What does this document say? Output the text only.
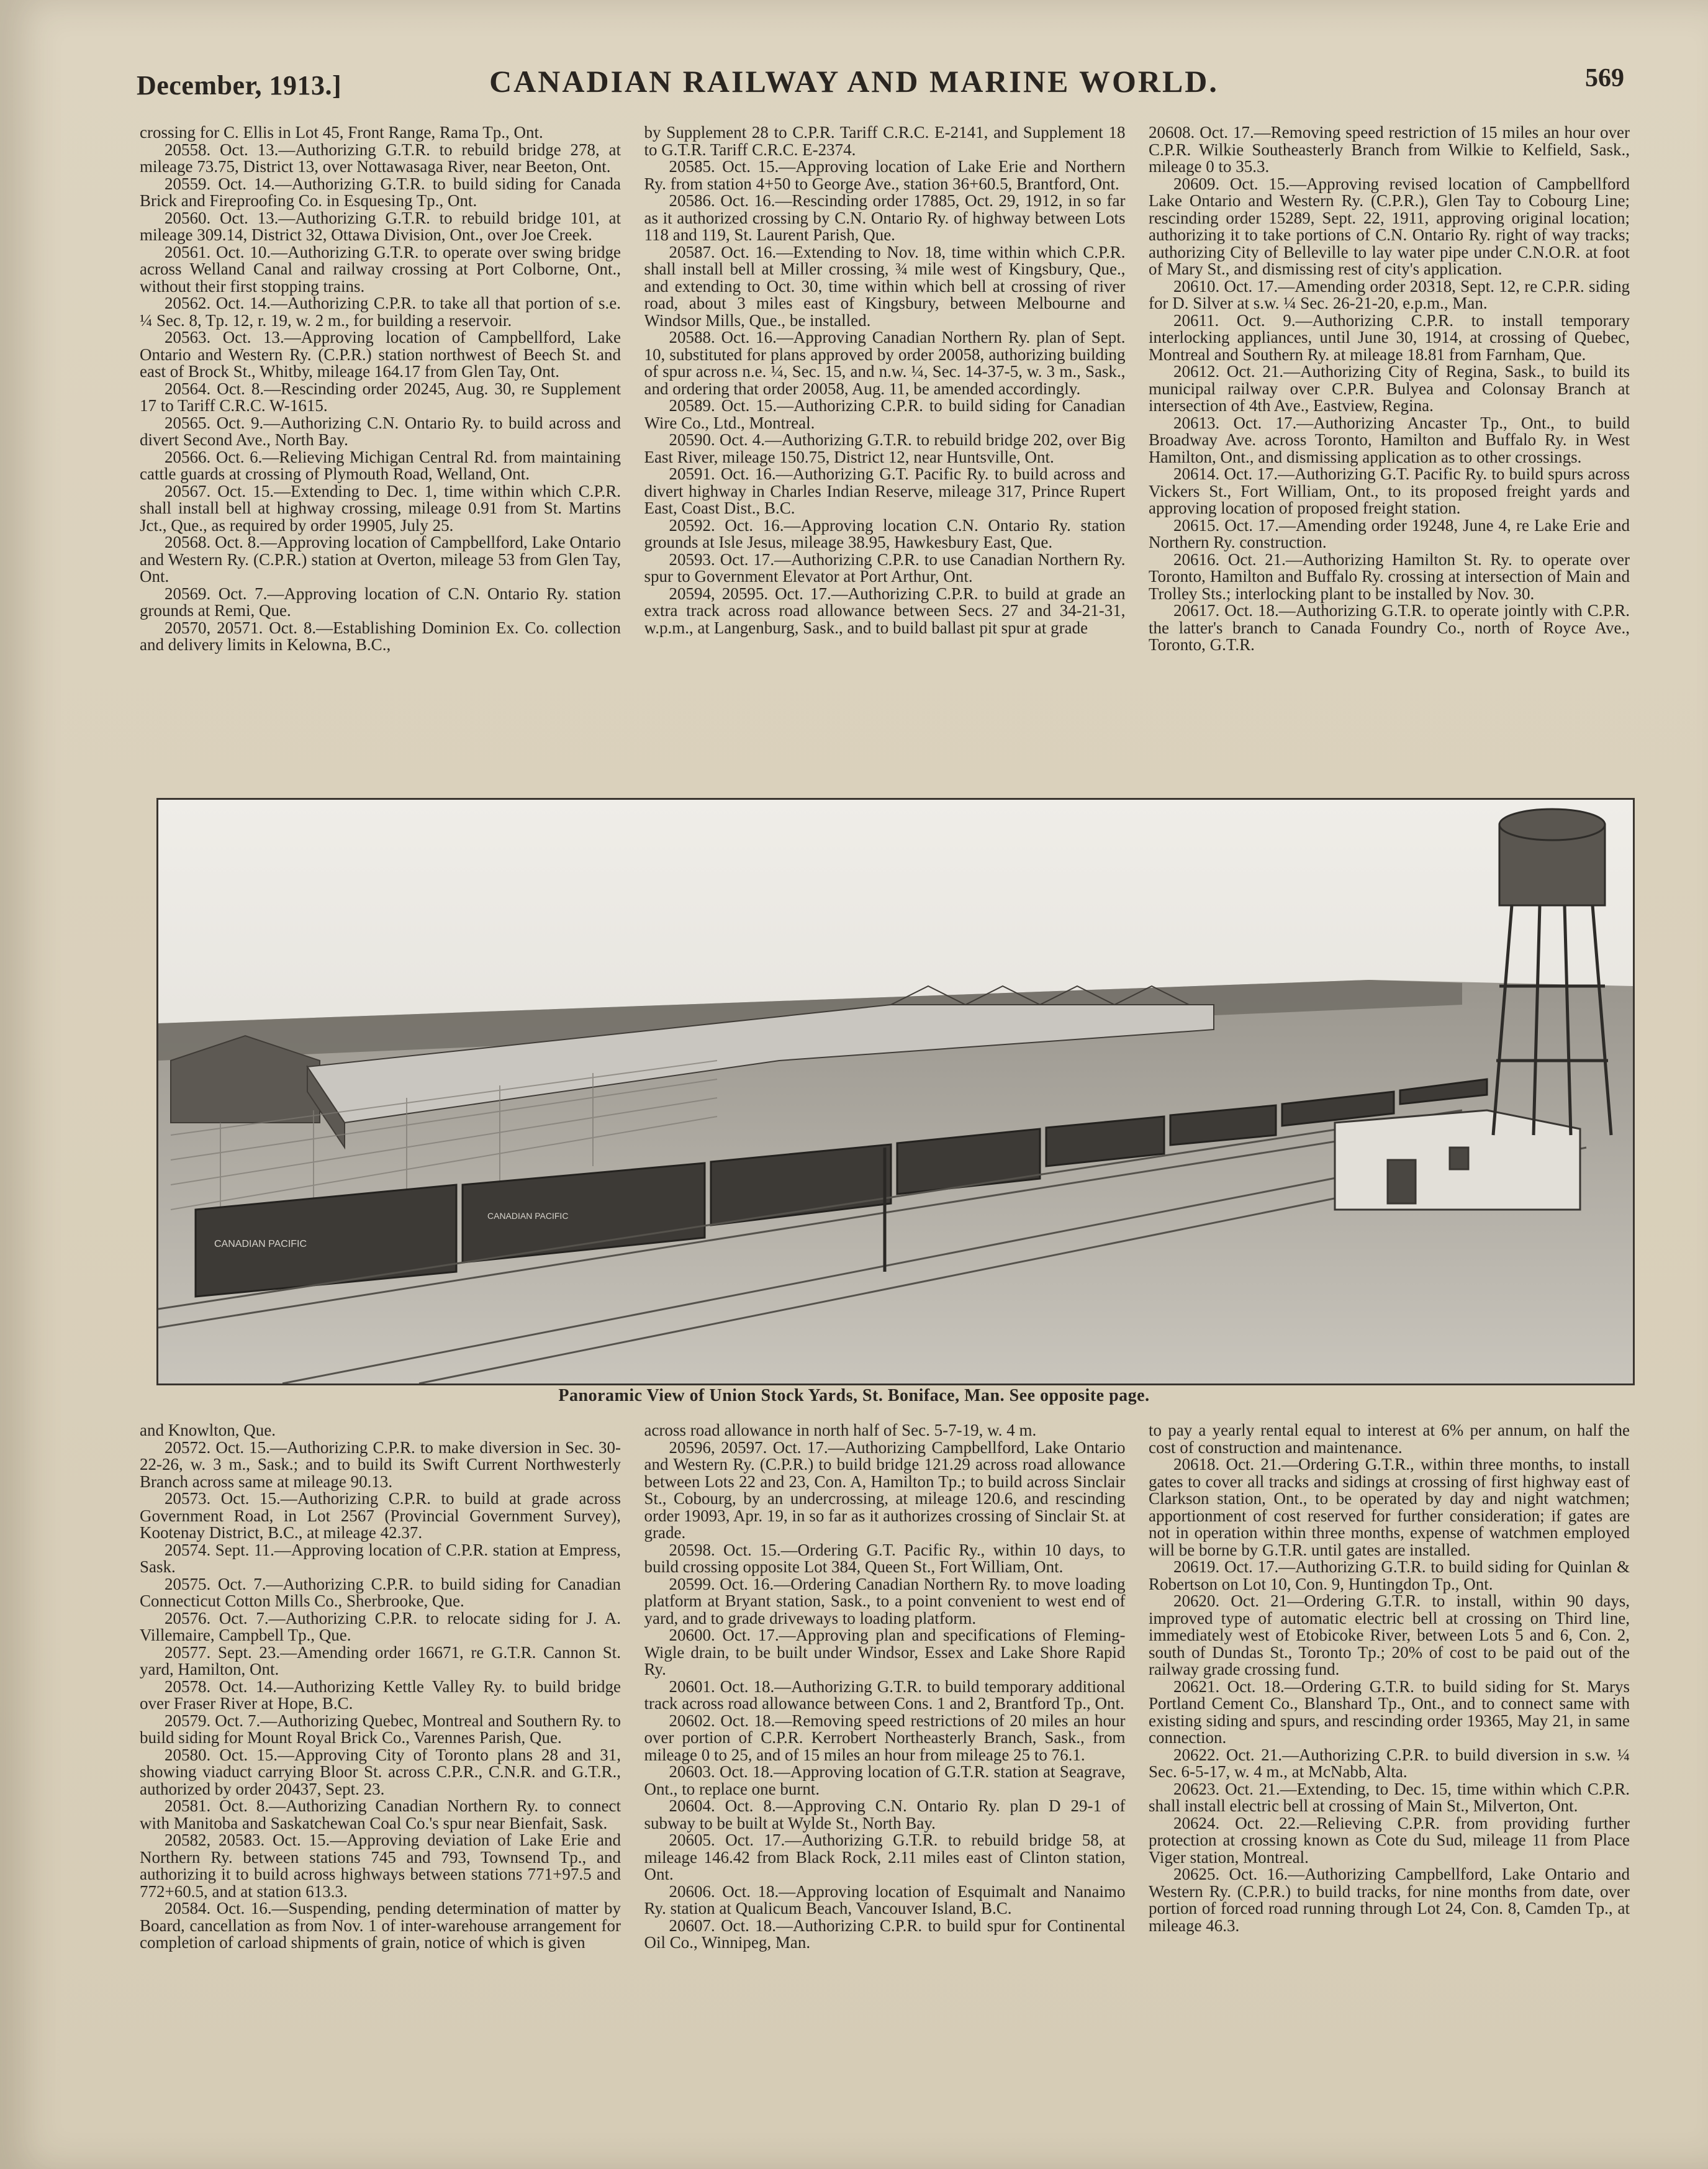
December, 1913.]	CANADIAN RAILWAY AND MARINE WORLD.	569

crossing for C. Ellis in Lot 45, Front Range, Rama Tp., Ont.

20558. Oct. 13.—Authorizing G.T.R. to rebuild bridge 278, at mileage 73.75, District 13, over Nottawasaga River, near Beeton, Ont.

20559. Oct. 14.—Authorizing G.T.R. to build siding for Canada Brick and Fireproofing Co. in Esquesing Tp., Ont.

20560. Oct. 13.—Authorizing G.T.R. to rebuild bridge 101, at mileage 309.14, District 32, Ottawa Division, Ont., over Joe Creek.

20561. Oct. 10.—Authorizing G.T.R. to operate over swing bridge across Welland Canal and railway crossing at Port Colborne, Ont., without their first stopping trains.

20562. Oct. 14.—Authorizing C.P.R. to take all that portion of s.e. ¼ Sec. 8, Tp. 12, r. 19, w. 2 m., for building a reservoir.

20563. Oct. 13.—Approving location of Campbellford, Lake Ontario and Western Ry. (C.P.R.) station northwest of Beech St. and east of Brock St., Whitby, mileage 164.17 from Glen Tay, Ont.

20564. Oct. 8.—Rescinding order 20245, Aug. 30, re Supplement 17 to Tariff C.R.C. W-1615.

20565. Oct. 9.—Authorizing C.N. Ontario Ry. to build across and divert Second Ave., North Bay.

20566. Oct. 6.—Relieving Michigan Central Rd. from maintaining cattle guards at crossing of Plymouth Road, Welland, Ont.

20567. Oct. 15.—Extending to Dec. 1, time within which C.P.R. shall install bell at highway crossing, mileage 0.91 from St. Martins Jct., Que., as required by order 19905, July 25.

20568. Oct. 8.—Approving location of Campbellford, Lake Ontario and Western Ry. (C.P.R.) station at Overton, mileage 53 from Glen Tay, Ont.

20569. Oct. 7.—Approving location of C.N. Ontario Ry. station grounds at Remi, Que.

20570, 20571. Oct. 8.—Establishing Dominion Ex. Co. collection and delivery limits in Kelowna, B.C.,

by Supplement 28 to C.P.R. Tariff C.R.C. E-2141, and Supplement 18 to G.T.R. Tariff C.R.C. E-2374.

20585. Oct. 15.—Approving location of Lake Erie and Northern Ry. from station 4+50 to George Ave., station 36+60.5, Brantford, Ont.

20586. Oct. 16.—Rescinding order 17885, Oct. 29, 1912, in so far as it authorized crossing by C.N. Ontario Ry. of highway between Lots 118 and 119, St. Laurent Parish, Que.

20587. Oct. 16.—Extending to Nov. 18, time within which C.P.R. shall install bell at Miller crossing, ¾ mile west of Kingsbury, Que., and extending to Oct. 30, time within which bell at crossing of river road, about 3 miles east of Kingsbury, between Melbourne and Windsor Mills, Que., be installed.

20588. Oct. 16.—Approving Canadian Northern Ry. plan of Sept. 10, substituted for plans approved by order 20058, authorizing building of spur across n.e. ¼, Sec. 15, and n.w. ¼, Sec. 14-37-5, w. 3 m., Sask., and ordering that order 20058, Aug. 11, be amended accordingly.

20589. Oct. 15.—Authorizing C.P.R. to build siding for Canadian Wire Co., Ltd., Montreal.

20590. Oct. 4.—Authorizing G.T.R. to rebuild bridge 202, over Big East River, mileage 150.75, District 12, near Huntsville, Ont.

20591. Oct. 16.—Authorizing G.T. Pacific Ry. to build across and divert highway in Charles Indian Reserve, mileage 317, Prince Rupert East, Coast Dist., B.C.

20592. Oct. 16.—Approving location C.N. Ontario Ry. station grounds at Isle Jesus, mileage 38.95, Hawkesbury East, Que.

20593. Oct. 17.—Authorizing C.P.R. to use Canadian Northern Ry. spur to Government Elevator at Port Arthur, Ont.

20594, 20595. Oct. 17.—Authorizing C.P.R. to build at grade an extra track across road allowance between Secs. 27 and 34-21-31, w.p.m., at Langenburg, Sask., and to build ballast pit spur at grade

20608. Oct. 17.—Removing speed restriction of 15 miles an hour over C.P.R. Wilkie Southeasterly Branch from Wilkie to Kelfield, Sask., mileage 0 to 35.3.

20609. Oct. 15.—Approving revised location of Campbellford Lake Ontario and Western Ry. (C.P.R.), Glen Tay to Cobourg Line; rescinding order 15289, Sept. 22, 1911, approving original location; authorizing it to take portions of C.N. Ontario Ry. right of way tracks; authorizing City of Belleville to lay water pipe under C.N.O.R. at foot of Mary St., and dismissing rest of city's application.

20610. Oct. 17.—Amending order 20318, Sept. 12, re C.P.R. siding for D. Silver at s.w. ¼ Sec. 26-21-20, e.p.m., Man.

20611. Oct. 9.—Authorizing C.P.R. to install temporary interlocking appliances, until June 30, 1914, at crossing of Quebec, Montreal and Southern Ry. at mileage 18.81 from Farnham, Que.

20612. Oct. 21.—Authorizing City of Regina, Sask., to build its municipal railway over C.P.R. Bulyea and Colonsay Branch at intersection of 4th Ave., Eastview, Regina.

20613. Oct. 17.—Authorizing Ancaster Tp., Ont., to build Broadway Ave. across Toronto, Hamilton and Buffalo Ry. in West Hamilton, Ont., and dismissing application as to other crossings.

20614. Oct. 17.—Authorizing G.T. Pacific Ry. to build spurs across Vickers St., Fort William, Ont., to its proposed freight yards and approving location of proposed freight station.

20615. Oct. 17.—Amending order 19248, June 4, re Lake Erie and Northern Ry. construction.

20616. Oct. 21.—Authorizing Hamilton St. Ry. to operate over Toronto, Hamilton and Buffalo Ry. crossing at intersection of Main and Trolley Sts.; interlocking plant to be installed by Nov. 30.

20617. Oct. 18.—Authorizing G.T.R. to operate jointly with C.P.R. the latter's branch to Canada Foundry Co., north of Royce Ave., Toronto, G.T.R.

CANADIAN PACIFIC
CANADIAN PACIFIC
Panoramic View of Union Stock Yards, St. Boniface, Man. See opposite page.

and Knowlton, Que.

20572. Oct. 15.—Authorizing C.P.R. to make diversion in Sec. 30-22-26, w. 3 m., Sask.; and to build its Swift Current Northwesterly Branch across same at mileage 90.13.

20573. Oct. 15.—Authorizing C.P.R. to build at grade across Government Road, in Lot 2567 (Provincial Government Survey), Kootenay District, B.C., at mileage 42.37.

20574. Sept. 11.—Approving location of C.P.R. station at Empress, Sask.

20575. Oct. 7.—Authorizing C.P.R. to build siding for Canadian Connecticut Cotton Mills Co., Sherbrooke, Que.

20576. Oct. 7.—Authorizing C.P.R. to relocate siding for J. A. Villemaire, Campbell Tp., Que.

20577. Sept. 23.—Amending order 16671, re G.T.R. Cannon St. yard, Hamilton, Ont.

20578. Oct. 14.—Authorizing Kettle Valley Ry. to build bridge over Fraser River at Hope, B.C.

20579. Oct. 7.—Authorizing Quebec, Montreal and Southern Ry. to build siding for Mount Royal Brick Co., Varennes Parish, Que.

20580. Oct. 15.—Approving City of Toronto plans 28 and 31, showing viaduct carrying Bloor St. across C.P.R., C.N.R. and G.T.R., authorized by order 20437, Sept. 23.

20581. Oct. 8.—Authorizing Canadian Northern Ry. to connect with Manitoba and Saskatchewan Coal Co.'s spur near Bienfait, Sask.

20582, 20583. Oct. 15.—Approving deviation of Lake Erie and Northern Ry. between stations 745 and 793, Townsend Tp., and authorizing it to build across highways between stations 771+97.5 and 772+60.5, and at station 613.3.

20584. Oct. 16.—Suspending, pending determination of matter by Board, cancellation as from Nov. 1 of inter-warehouse arrangement for completion of carload shipments of grain, notice of which is given

across road allowance in north half of Sec. 5-7-19, w. 4 m.

20596, 20597. Oct. 17.—Authorizing Campbellford, Lake Ontario and Western Ry. (C.P.R.) to build bridge 121.29 across road allowance between Lots 22 and 23, Con. A, Hamilton Tp.; to build across Sinclair St., Cobourg, by an undercrossing, at mileage 120.6, and rescinding order 19093, Apr. 19, in so far as it authorizes crossing of Sinclair St. at grade.

20598. Oct. 15.—Ordering G.T. Pacific Ry., within 10 days, to build crossing opposite Lot 384, Queen St., Fort William, Ont.

20599. Oct. 16.—Ordering Canadian Northern Ry. to move loading platform at Bryant station, Sask., to a point convenient to west end of yard, and to grade driveways to loading platform.

20600. Oct. 17.—Approving plan and specifications of Fleming-Wigle drain, to be built under Windsor, Essex and Lake Shore Rapid Ry.

20601. Oct. 18.—Authorizing G.T.R. to build temporary additional track across road allowance between Cons. 1 and 2, Brantford Tp., Ont.

20602. Oct. 18.—Removing speed restrictions of 20 miles an hour over portion of C.P.R. Kerrobert Northeasterly Branch, Sask., from mileage 0 to 25, and of 15 miles an hour from mileage 25 to 76.1.

20603. Oct. 18.—Approving location of G.T.R. station at Seagrave, Ont., to replace one burnt.

20604. Oct. 8.—Approving C.N. Ontario Ry. plan D 29-1 of subway to be built at Wylde St., North Bay.

20605. Oct. 17.—Authorizing G.T.R. to rebuild bridge 58, at mileage 146.42 from Black Rock, 2.11 miles east of Clinton station, Ont.

20606. Oct. 18.—Approving location of Esquimalt and Nanaimo Ry. station at Qualicum Beach, Vancouver Island, B.C.

20607. Oct. 18.—Authorizing C.P.R. to build spur for Continental Oil Co., Winnipeg, Man.

to pay a yearly rental equal to interest at 6% per annum, on half the cost of construction and maintenance.

20618. Oct. 21.—Ordering G.T.R., within three months, to install gates to cover all tracks and sidings at crossing of first highway east of Clarkson station, Ont., to be operated by day and night watchmen; apportionment of cost reserved for further consideration; if gates are not in operation within three months, expense of watchmen employed will be borne by G.T.R. until gates are installed.

20619. Oct. 17.—Authorizing G.T.R. to build siding for Quinlan & Robertson on Lot 10, Con. 9, Huntingdon Tp., Ont.

20620. Oct. 21—Ordering G.T.R. to install, within 90 days, improved type of automatic electric bell at crossing on Third line, immediately west of Etobicoke River, between Lots 5 and 6, Con. 2, south of Dundas St., Toronto Tp.; 20% of cost to be paid out of the railway grade crossing fund.

20621. Oct. 18.—Ordering G.T.R. to build siding for St. Marys Portland Cement Co., Blanshard Tp., Ont., and to connect same with existing siding and spurs, and rescinding order 19365, May 21, in same connection.

20622. Oct. 21.—Authorizing C.P.R. to build diversion in s.w. ¼ Sec. 6-5-17, w. 4 m., at McNabb, Alta.

20623. Oct. 21.—Extending, to Dec. 15, time within which C.P.R. shall install electric bell at crossing of Main St., Milverton, Ont.

20624. Oct. 22.—Relieving C.P.R. from providing further protection at crossing known as Cote du Sud, mileage 11 from Place Viger station, Montreal.

20625. Oct. 16.—Authorizing Campbellford, Lake Ontario and Western Ry. (C.P.R.) to build tracks, for nine months from date, over portion of forced road running through Lot 24, Con. 8, Camden Tp., at mileage 46.3.
